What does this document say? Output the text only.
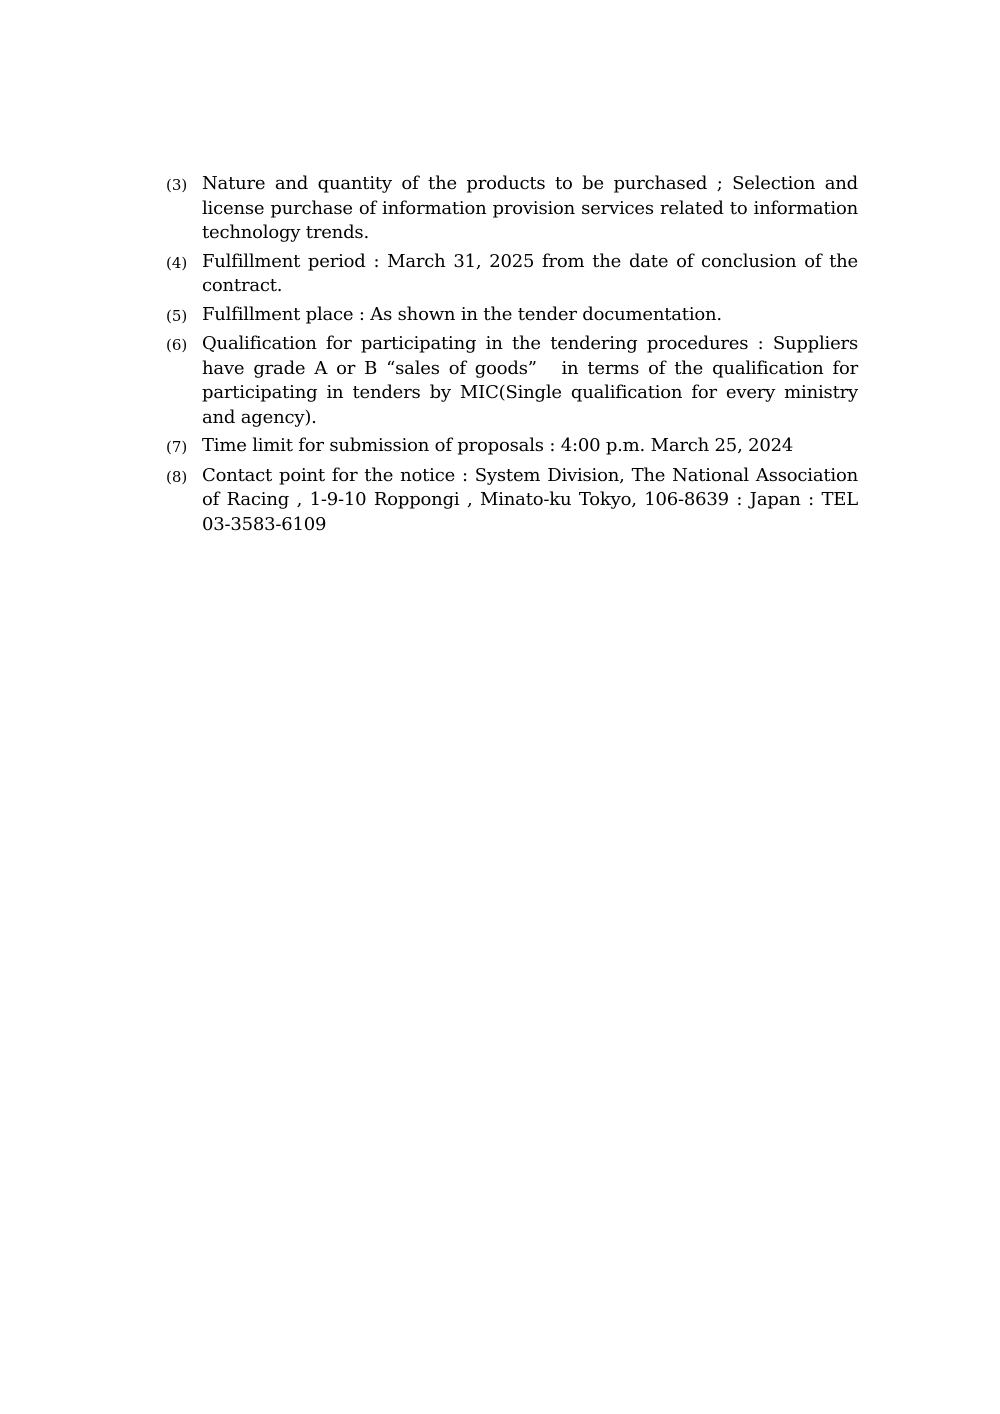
(3) Nature and quantity of the products to be purchased ; Selection and license purchase of information provision services related to information technology trends.
(4) Fulfillment period : March 31, 2025 from the date of conclusion of the contract.
(5) Fulfillment place : As shown in the tender documentation.
(6) Qualification for participating in the tendering procedures : Suppliers have grade A or B “sales of goods”　in terms of the qualification for participating in tenders by MIC(Single qualification for every ministry and agency).
(7) Time limit for submission of proposals : 4:00 p.m. March 25, 2024
(8) Contact point for the notice : System Division, The National Association of Racing , 1-9-10 Roppongi , Minato-ku Tokyo, 106-8639 : Japan : TEL 03-3583-6109
